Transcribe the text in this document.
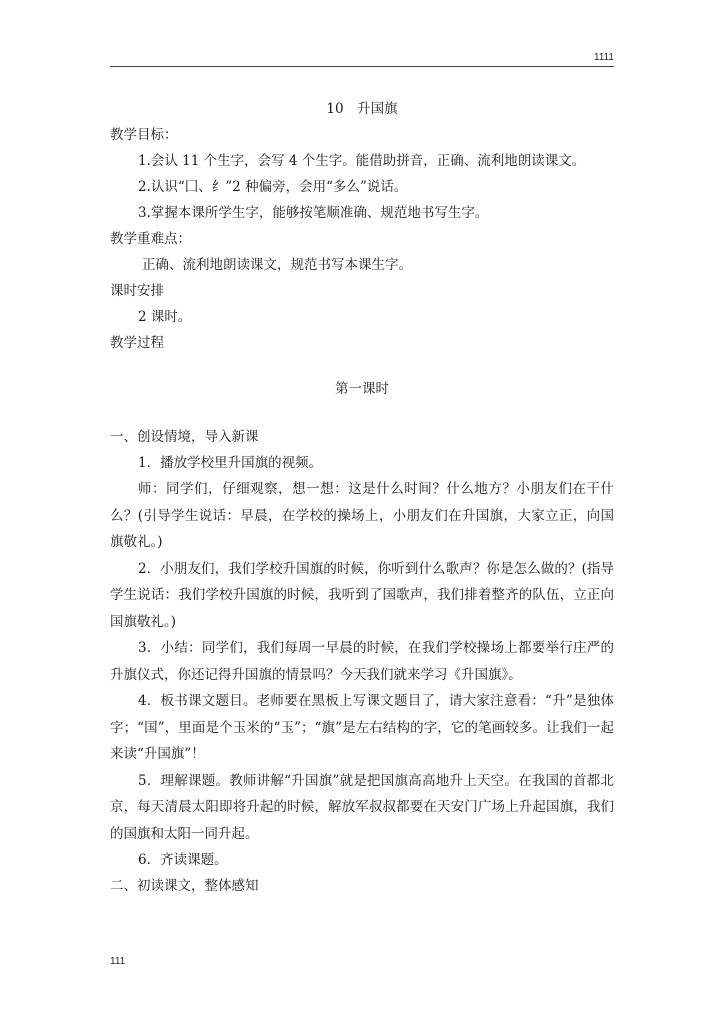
1111
10　升国旗
教学目标：
1.会认 11 个生字，会写 4 个生字。能借助拼音，正确、流利地朗读课文。
2.认识“囗、纟”2 种偏旁，会用“多么”说话。
3.掌握本课所学生字，能够按笔顺准确、规范地书写生字。
教学重难点：
正确、流利地朗读课文，规范书写本课生字。
课时安排
2 课时。
教学过程
第一课时
一、创设情境，导入新课
1．播放学校里升国旗的视频。
师：同学们，仔细观察，想一想：这是什么时间？什么地方？小朋友们在干什么？(引导学生说话：早晨，在学校的操场上，小朋友们在升国旗，大家立正，向国旗敬礼。)
2．小朋友们，我们学校升国旗的时候，你听到什么歌声？你是怎么做的？(指导学生说话：我们学校升国旗的时候，我听到了国歌声，我们排着整齐的队伍，立正向国旗敬礼。)
3．小结：同学们，我们每周一早晨的时候，在我们学校操场上都要举行庄严的升旗仪式，你还记得升国旗的情景吗？今天我们就来学习《升国旗》。
4．板书课文题目。老师要在黑板上写课文题目了，请大家注意看：“升”是独体字；“国”，里面是个玉米的“玉”；“旗”是左右结构的字，它的笔画较多。让我们一起来读“升国旗”！
5．理解课题。教师讲解“升国旗”就是把国旗高高地升上天空。在我国的首都北京，每天清晨太阳即将升起的时候，解放军叔叔都要在天安门广场上升起国旗，我们的国旗和太阳一同升起。
6．齐读课题。
二、初读课文，整体感知
111
